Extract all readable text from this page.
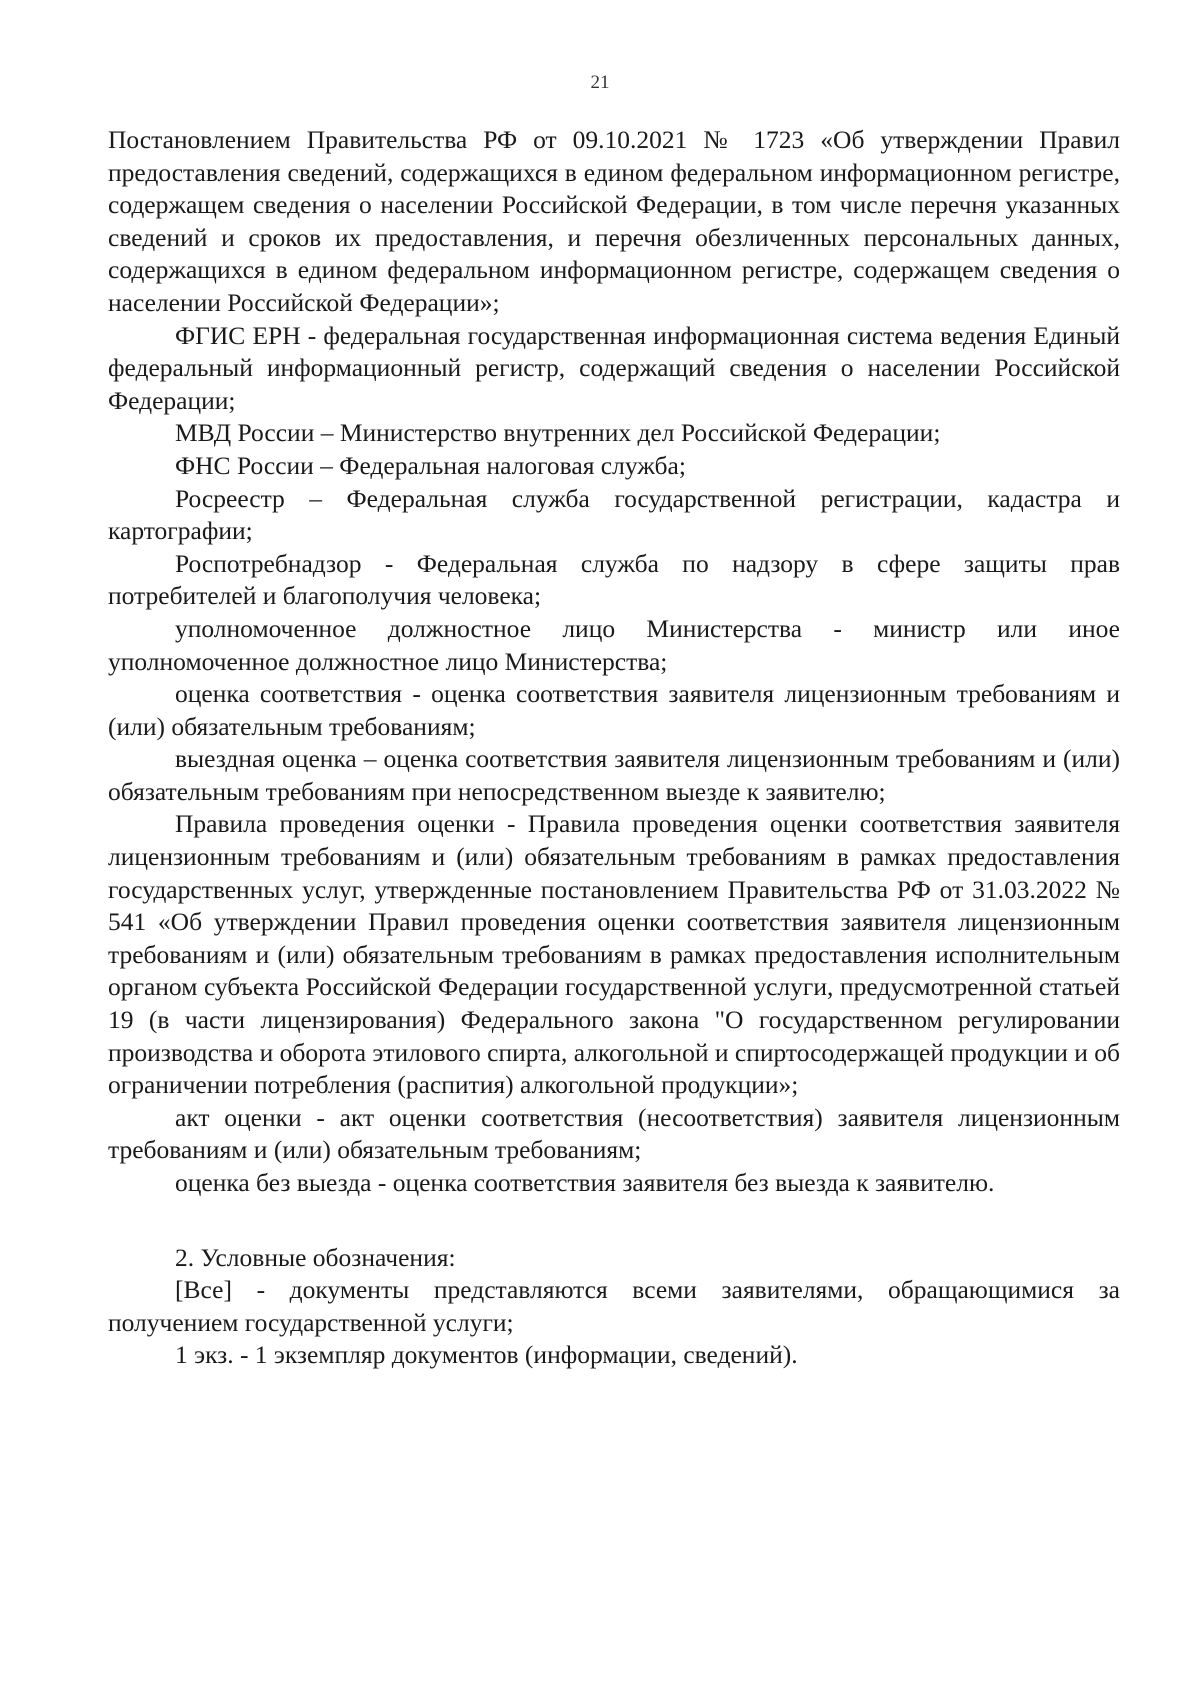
21

Постановлением Правительства РФ от 09.10.2021 № 1723 «Об утверждении Правил предоставления сведений, содержащихся в едином федеральном информационном регистре, содержащем сведения о населении Российской Федерации, в том числе перечня указанных сведений и сроков их предоставления, и перечня обезличенных персональных данных, содержащихся в едином федеральном информационном регистре, содержащем сведения о населении Российской Федерации»;

ФГИС ЕРН - федеральная государственная информационная система ведения Единый федеральный информационный регистр, содержащий сведения о населении Российской Федерации;

МВД России – Министерство внутренних дел Российской Федерации;

ФНС России – Федеральная налоговая служба;

Росреестр – Федеральная служба государственной регистрации, кадастра и картографии;

Роспотребнадзор - Федеральная служба по надзору в сфере защиты прав потребителей и благополучия человека;

уполномоченное должностное лицо Министерства - министр или иное уполномоченное должностное лицо Министерства;

оценка соответствия - оценка соответствия заявителя лицензионным требованиям и (или) обязательным требованиям;

выездная оценка – оценка соответствия заявителя лицензионным требованиям и (или) обязательным требованиям при непосредственном выезде к заявителю;

Правила проведения оценки - Правила проведения оценки соответствия заявителя лицензионным требованиям и (или) обязательным требованиям в рамках предоставления государственных услуг, утвержденные постановлением Правительства РФ от 31.03.2022 № 541 «Об утверждении Правил проведения оценки соответствия заявителя лицензионным требованиям и (или) обязательным требованиям в рамках предоставления исполнительным органом субъекта Российской Федерации государственной услуги, предусмотренной статьей 19 (в части лицензирования) Федерального закона "О государственном регулировании производства и оборота этилового спирта, алкогольной и спиртосодержащей продукции и об ограничении потребления (распития) алкогольной продукции»;

акт оценки - акт оценки соответствия (несоответствия) заявителя лицензионным требованиям и (или) обязательным требованиям;

оценка без выезда - оценка соответствия заявителя без выезда к заявителю.

2. Условные обозначения:

[Все] - документы представляются всеми заявителями, обращающимися за получением государственной услуги;

1 экз. - 1 экземпляр документов (информации, сведений).
